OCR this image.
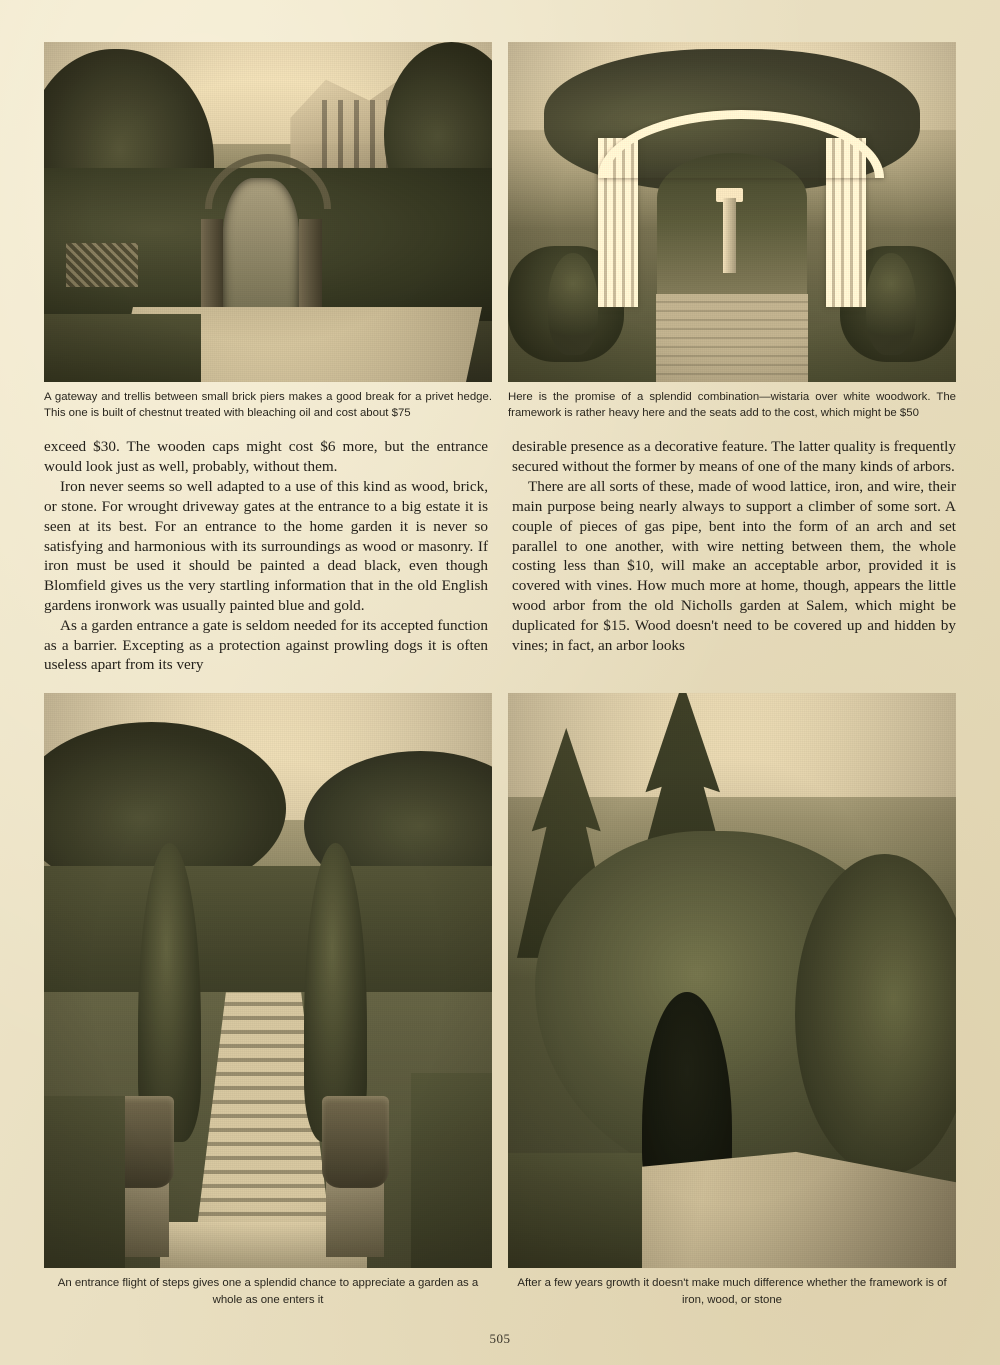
A gateway and trellis between small brick piers makes a good break for a privet hedge. This one is built of chestnut treated with bleaching oil and cost about $75
Here is the promise of a splendid combination—wistaria over white woodwork. The framework is rather heavy here and the seats add to the cost, which might be $50

exceed $30. The wooden caps might cost $6 more, but the entrance would look just as well, probably, without them.

Iron never seems so well adapted to a use of this kind as wood, brick, or stone. For wrought driveway gates at the entrance to a big estate it is seen at its best. For an entrance to the home garden it is never so satisfying and harmonious with its surroundings as wood or masonry. If iron must be used it should be painted a dead black, even though Blomfield gives us the very startling information that in the old English gardens ironwork was usually painted blue and gold.

As a garden entrance a gate is seldom needed for its accepted function as a barrier. Excepting as a protection against prowling dogs it is often useless apart from its very

desirable presence as a decorative feature. The latter quality is frequently secured without the former by means of one of the many kinds of arbors.

There are all sorts of these, made of wood lattice, iron, and wire, their main purpose being nearly always to support a climber of some sort. A couple of pieces of gas pipe, bent into the form of an arch and set parallel to one another, with wire netting between them, the whole costing less than $10, will make an acceptable arbor, provided it is covered with vines. How much more at home, though, appears the little wood arbor from the old Nicholls garden at Salem, which might be duplicated for $15. Wood doesn't need to be covered up and hidden by vines; in fact, an arbor looks

An entrance flight of steps gives one a splendid chance to appreciate a garden as a whole as one enters it
After a few years growth it doesn't make much difference whether the framework is of iron, wood, or stone
505
